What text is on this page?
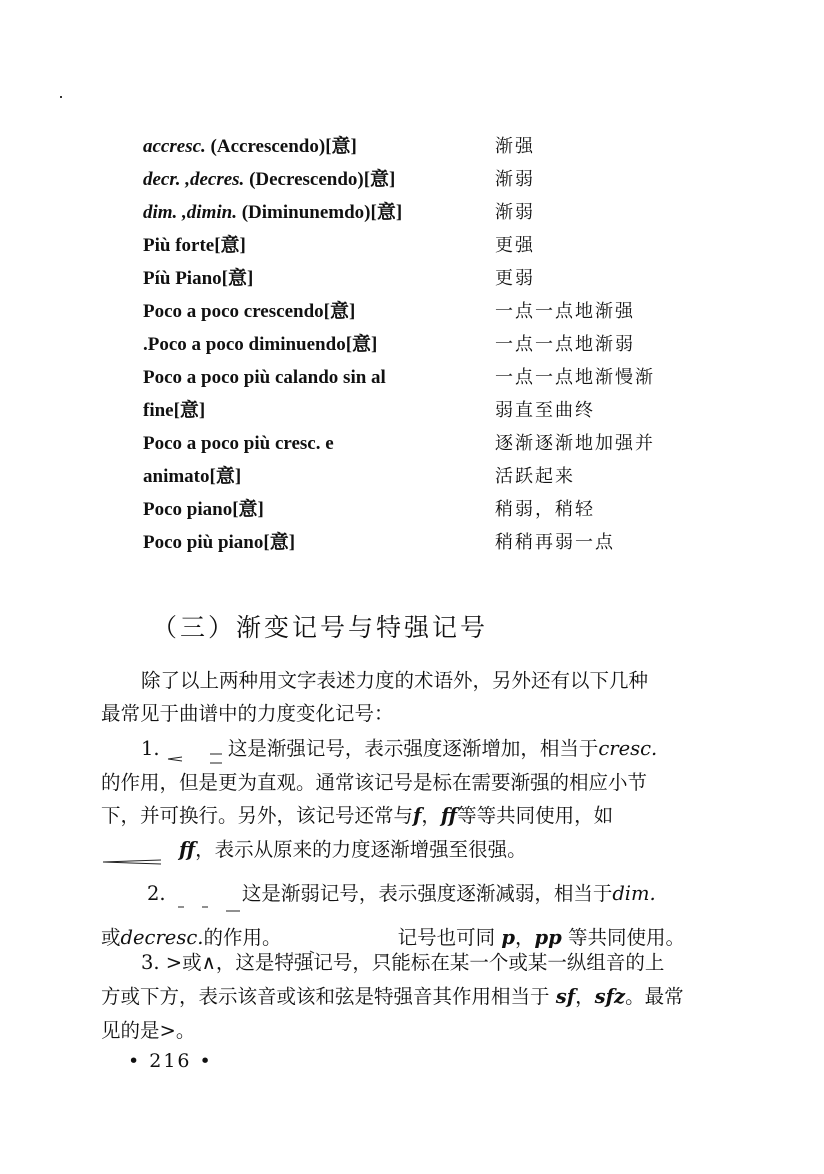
accresc. (Accrescendo)[意]	渐强
decr. ,decres. (Decrescendo)[意]	渐弱
dim. ,dimin. (Diminunemdo)[意]	渐弱
Più forte[意]	更强
Píù Piano[意]	更弱
Poco a poco crescendo[意]	一点一点地渐强
.Poco a poco diminuendo[意]	一点一点地渐弱
Poco a poco più calando sin al	一点一点地渐慢渐
fine[意]	弱直至曲终
Poco a poco più cresc. e	逐渐逐渐地加强并
animato[意]	活跃起来
Poco piano[意]	稍弱，稍轻
Poco più piano[意]	稍稍再弱一点
（三）渐变记号与特强记号
除了以上两种用文字表述力度的术语外，另外还有以下几种
最常见于曲谱中的力度变化记号：
1.	这是渐强记号，表示强度逐渐增加，相当于cresc.
的作用，但是更为直观。通常该记号是标在需要渐强的相应小节
下，并可换行。另外，该记号还常与f，ff等等共同使用，如
ff，表示从原来的力度逐渐增强至很强。
2.	这是渐弱记号，表示强度逐渐减弱，相当于dim.
或decresc.的作用。	记号也可同 p，pp 等共同使用。
3. >或∧，这是特强记号，只能标在某一个或某一纵组音的上
方或下方，表示该音或该和弦是特强音其作用相当于 sf，sfz。最常
见的是>。
• 216 •
